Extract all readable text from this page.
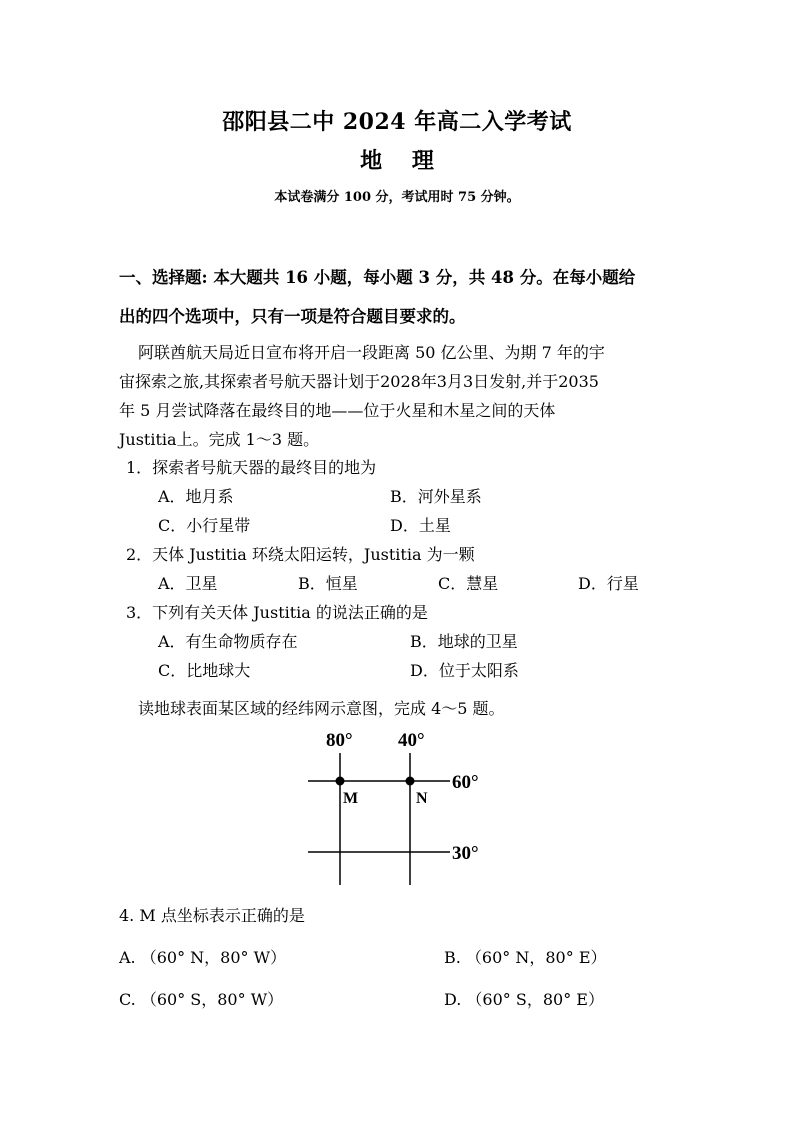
邵阳县二中 2024 年高二入学考试
地　 理
本试卷满分 100 分，考试用时 75 分钟。
一、选择题: 本大题共 16 小题，每小题 3 分，共 48 分。在每小题给
出的四个选项中，只有一项是符合题目要求的。
阿联酋航天局近日宣布将开启一段距离 50 亿公里、为期 7 年的宇
宙探索之旅,其探索者号航天器计划于2028年3月3日发射,并于2035
年 5 月尝试降落在最终目的地——位于火星和木星之间的天体
Justitia上。完成 1～3 题。
1．探索者号航天器的最终目的地为
A．地月系	B．河外星系
C．小行星带	D．土星
2．天体 Justitia 环绕太阳运转，Justitia 为一颗
A．卫星	B．恒星	C．慧星	D．行星
3．下列有关天体 Justitia 的说法正确的是
A．有生命物质存在	B．地球的卫星
C．比地球大	D．位于太阳系
读地球表面某区域的经纬网示意图，完成 4～5 题。
80° 40°
60°
30°
M	N
4. M 点坐标表示正确的是
A. （60° N，80° W）	B. （60° N，80° E）
C. （60° S，80° W）	D. （60° S，80° E）
